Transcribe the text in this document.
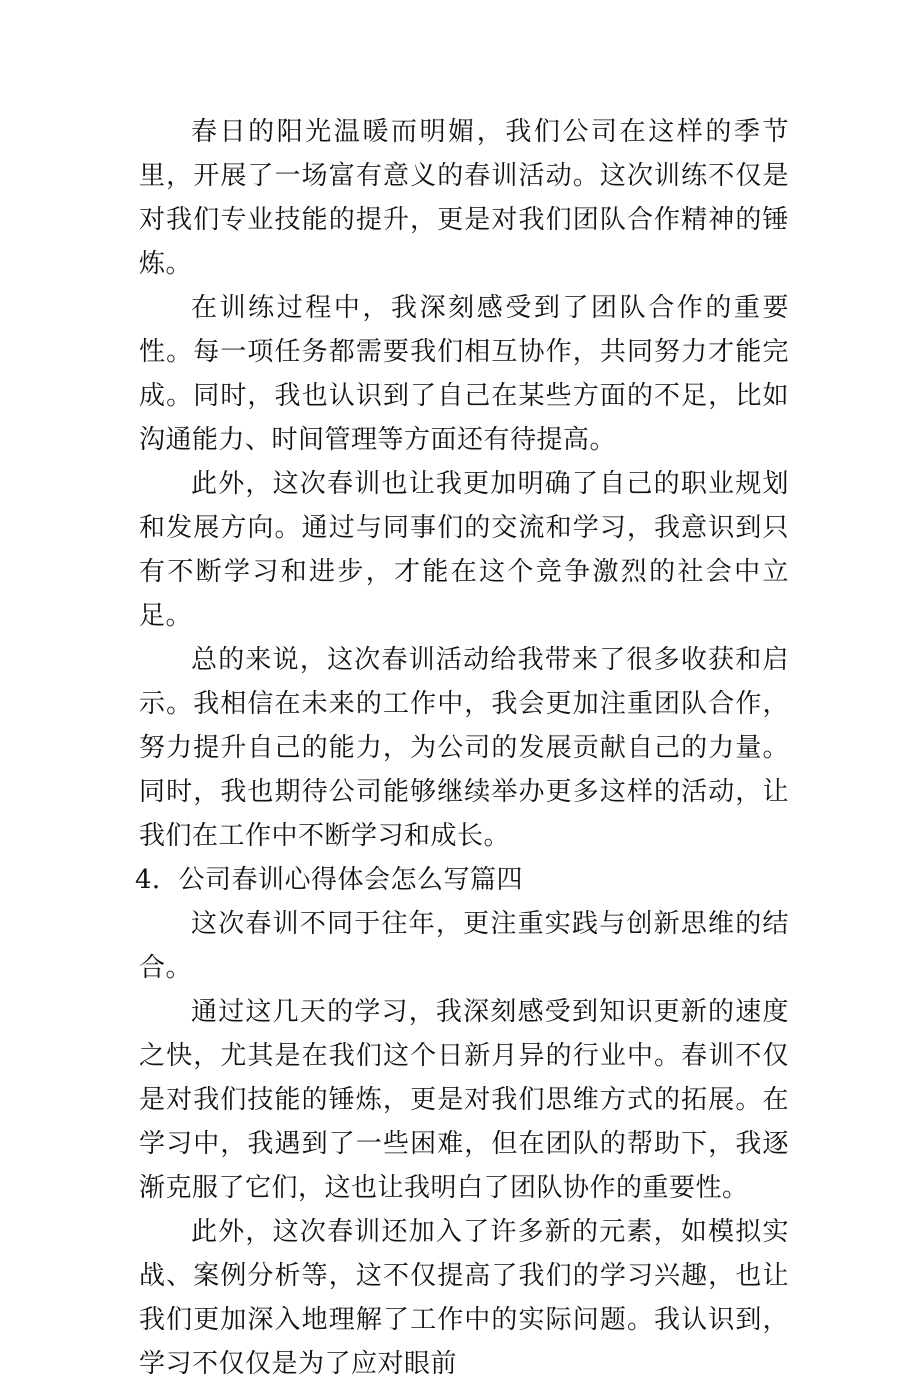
春日的阳光温暖而明媚，我们公司在这样的季节里，开展了一场富有意义的春训活动。这次训练不仅是对我们专业技能的提升，更是对我们团队合作精神的锤炼。

在训练过程中，我深刻感受到了团队合作的重要性。每一项任务都需要我们相互协作，共同努力才能完成。同时，我也认识到了自己在某些方面的不足，比如沟通能力、时间管理等方面还有待提高。

此外，这次春训也让我更加明确了自己的职业规划和发展方向。通过与同事们的交流和学习，我意识到只有不断学习和进步，才能在这个竞争激烈的社会中立足。

总的来说，这次春训活动给我带来了很多收获和启示。我相信在未来的工作中，我会更加注重团队合作，努力提升自己的能力，为公司的发展贡献自己的力量。同时，我也期待公司能够继续举办更多这样的活动，让我们在工作中不断学习和成长。

4．公司春训心得体会怎么写篇四

这次春训不同于往年，更注重实践与创新思维的结合。

通过这几天的学习，我深刻感受到知识更新的速度之快，尤其是在我们这个日新月异的行业中。春训不仅是对我们技能的锤炼，更是对我们思维方式的拓展。在学习中，我遇到了一些困难，但在团队的帮助下，我逐渐克服了它们，这也让我明白了团队协作的重要性。

此外，这次春训还加入了许多新的元素，如模拟实战、案例分析等，这不仅提高了我们的学习兴趣，也让我们更加深入地理解了工作中的实际问题。我认识到，学习不仅仅是为了应对眼前
